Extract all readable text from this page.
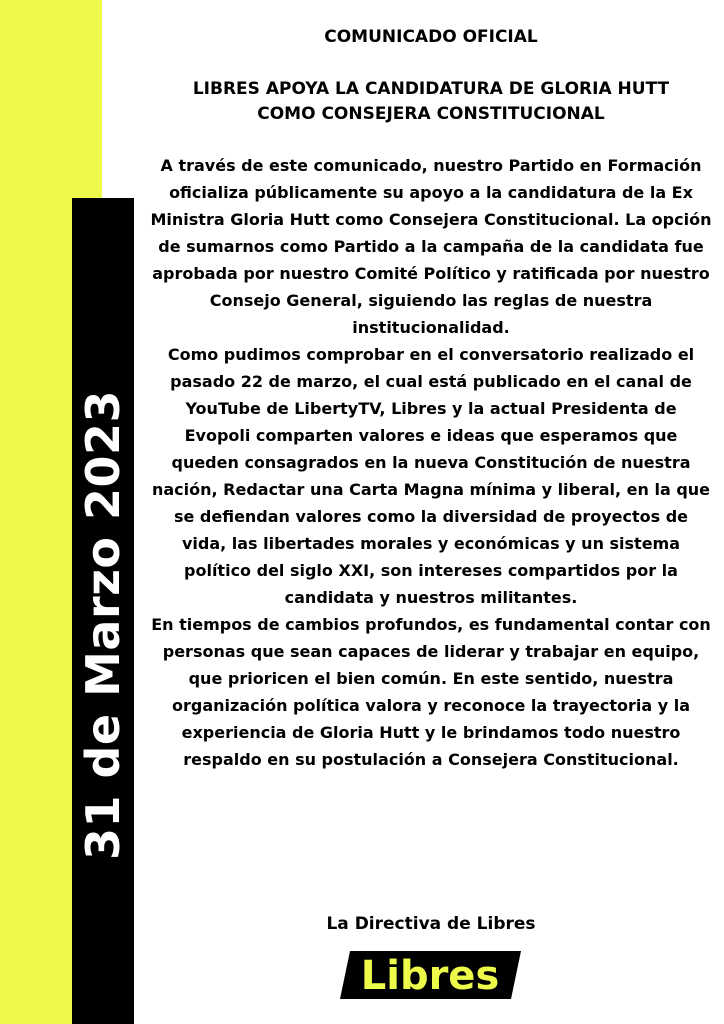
31 de Marzo 2023
COMUNICADO OFICIAL
LIBRES APOYA LA CANDIDATURA DE GLORIA HUTT
COMO CONSEJERA CONSTITUCIONAL

A través de este comunicado, nuestro Partido en Formación oficializa públicamente su apoyo a la candidatura de la Ex Ministra Gloria Hutt como Consejera Constitucional. La opción de sumarnos como Partido a la campaña de la candidata fue aprobada por nuestro Comité Político y ratificada por nuestro Consejo General, siguiendo las reglas de nuestra institucionalidad.

Como pudimos comprobar en el conversatorio realizado el pasado 22 de marzo, el cual está publicado en el canal de YouTube de LibertyTV, Libres y la actual Presidenta de Evopoli comparten valores e ideas que esperamos que queden consagrados en la nueva Constitución de nuestra nación, Redactar una Carta Magna mínima y liberal, en la que se defiendan valores como la diversidad de proyectos de vida, las libertades morales y económicas y un sistema político del siglo XXI, son intereses compartidos por la candidata y nuestros militantes.

En tiempos de cambios profundos, es fundamental contar con personas que sean capaces de liderar y trabajar en equipo, que prioricen el bien común. En este sentido, nuestra organización política valora y reconoce la trayectoria y la experiencia de Gloria Hutt y le brindamos todo nuestro respaldo en su postulación a Consejera Constitucional.

La Directiva de Libres
Libres
